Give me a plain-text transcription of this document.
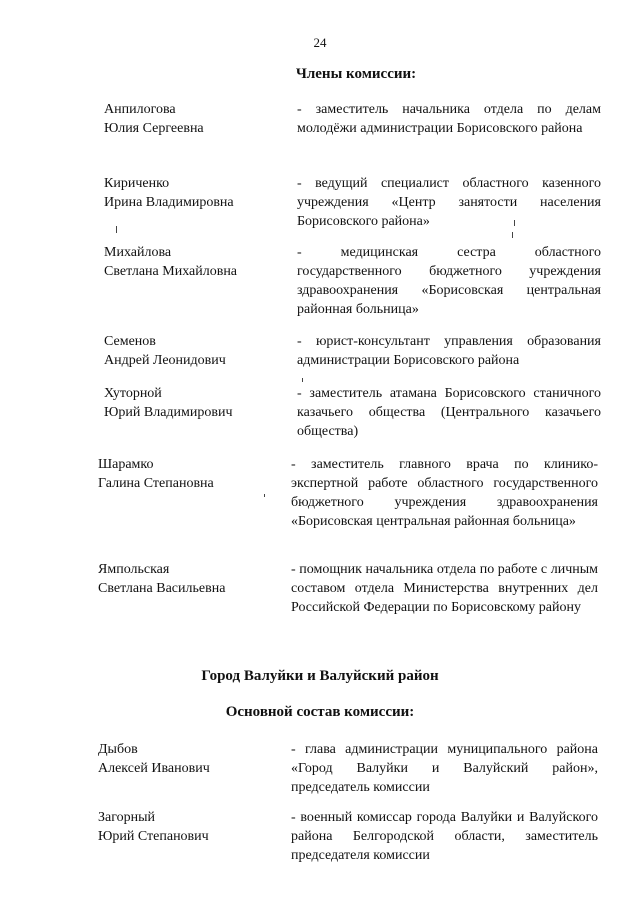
24
Члены комиссии:
Анпилогова
Юлия Сергеевна
- заместитель начальника отдела по делам молодёжи администрации Борисовского района
Кириченко
Ирина Владимировна
- ведущий специалист областного казенного учреждения «Центр занятости населения Борисовского района»
Михайлова
Светлана Михайловна
- медицинская сестра областного государственного бюджетного учреждения здравоохранения «Борисовская центральная районная больница»
Семенов
Андрей Леонидович
- юрист-консультант управления образования администрации Борисовского района
Хуторной
Юрий Владимирович
- заместитель атамана Борисовского станичного казачьего общества (Центрального казачьего общества)
Шарамко
Галина Степановна
- заместитель главного врача по клинико-экспертной работе областного государственного бюджетного учреждения здравоохранения «Борисовская центральная районная больница»
Ямпольская
Светлана Васильевна
- помощник начальника отдела по работе с личным составом отдела Министерства внутренних дел Российской Федерации по Борисовскому району
Город Валуйки и Валуйский район
Основной состав комиссии:
Дыбов
Алексей Иванович
- глава администрации муниципального района «Город Валуйки и Валуйский район», председатель комиссии
Загорный
Юрий Степанович
- военный комиссар города Валуйки и Валуйского района Белгородской области, заместитель председателя комиссии
